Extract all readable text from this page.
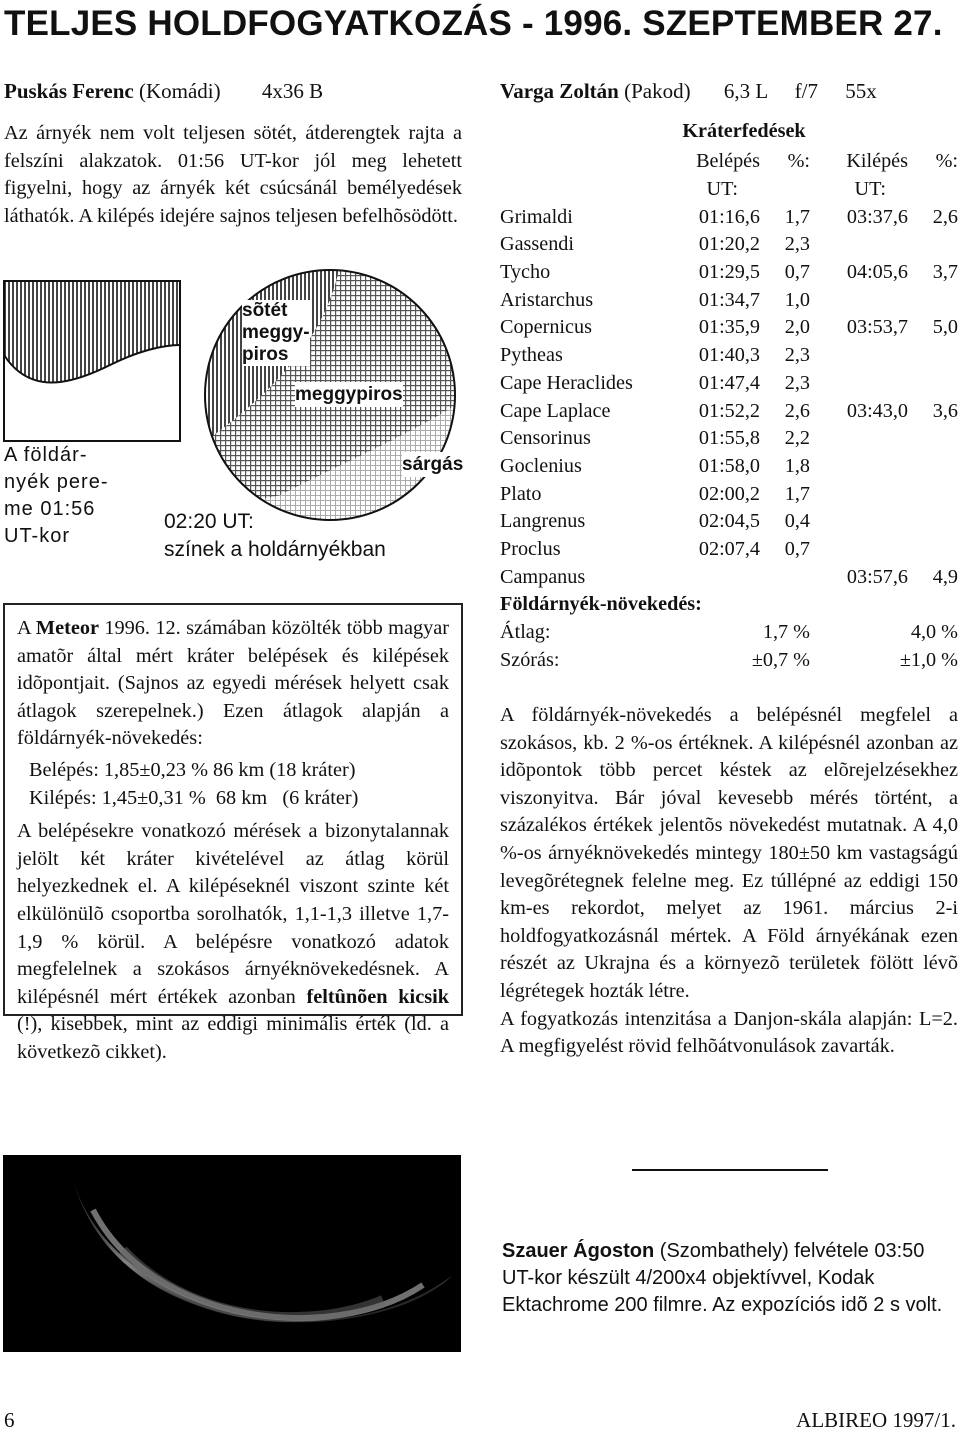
TELJES HOLDFOGYATKOZÁS - 1996. SZEPTEMBER 27.
Puskás Ferenc (Komádi) 4x36 B
Az árnyék nem volt teljesen sötét, átderengtek rajta a felszíni alakzatok. 01:56 UT-kor jól meg lehetett figyelni, hogy az árnyék két csúcsánál bemélyedések láthatók. A kilépés idejére sajnos teljesen befelhõsödött.
sõtét
meggy-
piros
meggypiros
sárgás
A földár-
nyék pere-
me 01:56
UT-kor
02:20 UT:
színek a holdárnyékban
A Meteor 1996. 12. számában közölték több magyar amatõr által mért kráter belépések és kilépések idõpontjait. (Sajnos az egyedi mérések helyett csak átlagok szerepelnek.) Ezen átlagok alapján a földárnyék-növekedés:
Belépés: 1,85±0,23 % 86 km (18 kráter)
Kilépés: 1,45±0,31 %  68 km   (6 kráter)
A belépésekre vonatkozó mérések a bizonytalannak jelölt két kráter kivételével az átlag körül helyezkednek el. A kilépéseknél viszont szinte két elkülönülõ csoportba sorolhatók, 1,1-1,3 illetve 1,7-1,9 % körül. A belépésre vonatkozó adatok megfelelnek a szokásos árnyéknövekedésnek. A kilépésnél mért értékek azonban feltûnõen kicsik (!), kisebbek, mint az eddigi minimális érték (ld. a következõ cikket).
Varga Zoltán (Pakod) 6,3 L f/7 55x
Kráterfedések
	Belépés	%:	Kilépés	%:
	UT:		UT:	
Grimaldi	01:16,6	1,7	03:37,6	2,6
Gassendi	01:20,2	2,3		
Tycho	01:29,5	0,7	04:05,6	3,7
Aristarchus	01:34,7	1,0		
Copernicus	01:35,9	2,0	03:53,7	5,0
Pytheas	01:40,3	2,3		
Cape Heraclides	01:47,4	2,3		
Cape Laplace	01:52,2	2,6	03:43,0	3,6
Censorinus	01:55,8	2,2		
Goclenius	01:58,0	1,8		
Plato	02:00,2	1,7		
Langrenus	02:04,5	0,4		
Proclus	02:07,4	0,7		
Campanus			03:57,6	4,9
Földárnyék-növekedés:				
Átlag:	1,7 %		4,0 %	
Szórás:	±0,7 %		±1,0 %	

A földárnyék-növekedés a belépésnél megfelel a szokásos, kb. 2 %-os értéknek. A kilépésnél azonban az idõpontok több percet késtek az elõrejelzésekhez viszonyitva. Bár jóval kevesebb mérés történt, a százalékos értékek jelentõs növekedést mutatnak. A 4,0 %-os árnyéknövekedés mintegy 180±50 km vastagságú levegõrétegnek felelne meg. Ez túllépné az eddigi 150 km-es rekordot, melyet az 1961. március 2-i holdfogyatkozásnál mértek. A Föld árnyékának ezen részét az Ukrajna és a környezõ területek fölött lévõ légrétegek hozták létre.

A fogyatkozás intenzitása a Danjon-skála alapján: L=2. A megfigyelést rövid felhõátvonulások zavarták.

Szauer Ágoston (Szombathely) felvétele 03:50 UT-kor készült 4/200x4 objektívvel, Kodak Ektachrome 200 filmre. Az expozíciós idõ 2 s volt.
6	ALBIREO 1997/1.
